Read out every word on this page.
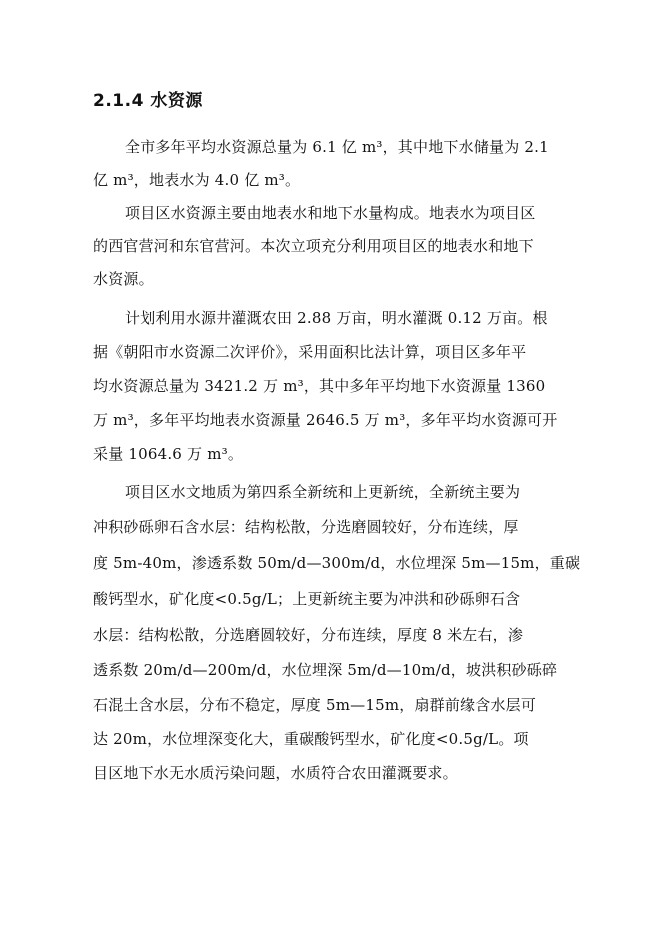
2.1.4 水资源
全市多年平均水资源总量为 6.1 亿 m³，其中地下水储量为 2.1
亿 m³，地表水为 4.0 亿 m³。
项目区水资源主要由地表水和地下水量构成。地表水为项目区
的西官营河和东官营河。本次立项充分利用项目区的地表水和地下
水资源。
计划利用水源井灌溉农田 2.88 万亩，明水灌溉 0.12 万亩。根
据《朝阳市水资源二次评价》，采用面积比法计算，项目区多年平
均水资源总量为 3421.2 万 m³，其中多年平均地下水资源量 1360
万 m³，多年平均地表水资源量 2646.5 万 m³，多年平均水资源可开
采量 1064.6 万 m³。
项目区水文地质为第四系全新统和上更新统，全新统主要为
冲积砂砾卵石含水层：结构松散，分选磨圆较好，分布连续，厚
度 5m-40m，渗透系数 50m/d—300m/d，水位埋深 5m—15m，重碳
酸钙型水，矿化度<0.5g/L；上更新统主要为冲洪和砂砾卵石含
水层：结构松散，分选磨圆较好，分布连续，厚度 8 米左右，渗
透系数 20m/d—200m/d，水位埋深 5m/d—10m/d，坡洪积砂砾碎
石混土含水层，分布不稳定，厚度 5m—15m，扇群前缘含水层可
达 20m，水位埋深变化大，重碳酸钙型水，矿化度<0.5g/L。项
目区地下水无水质污染问题，水质符合农田灌溉要求。
